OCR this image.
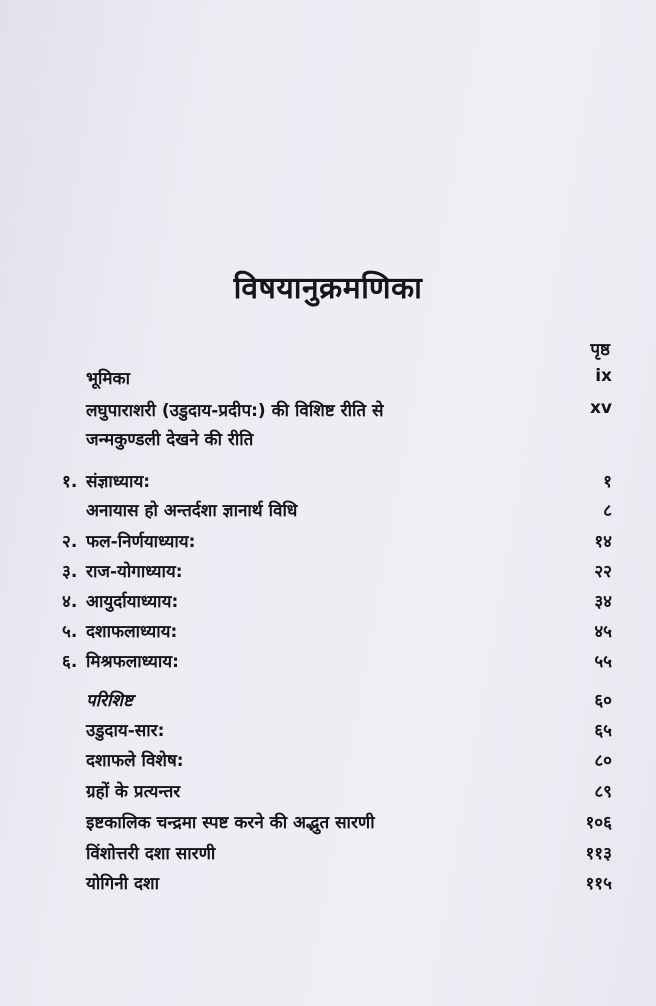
विषयानुक्रमणिका
पृष्ठ
भूमिका	ix
लघुपाराशरी (उडुदाय-प्रदीप:) की विशिष्ट रीति से	xv
जन्मकुण्डली देखने की रीति
१. संज्ञाध्याय:	१
अनायास हो अन्तर्दशा ज्ञानार्थ विधि	८
२. फल-निर्णयाध्याय:	१४
३. राज-योगाध्याय:	२२
४. आयुर्दायाध्याय:	३४
५. दशाफलाध्याय:	४५
६. मिश्रफलाध्याय:	५५
परिशिष्ट	६०
उडुदाय-सार:	६५
दशाफले विशेष:	८०
ग्रहों के प्रत्यन्तर	८९
इष्टकालिक चन्द्रमा स्पष्ट करने की अद्भुत सारणी	१०६
विंशोत्तरी दशा सारणी	११३
योगिनी दशा	११५
